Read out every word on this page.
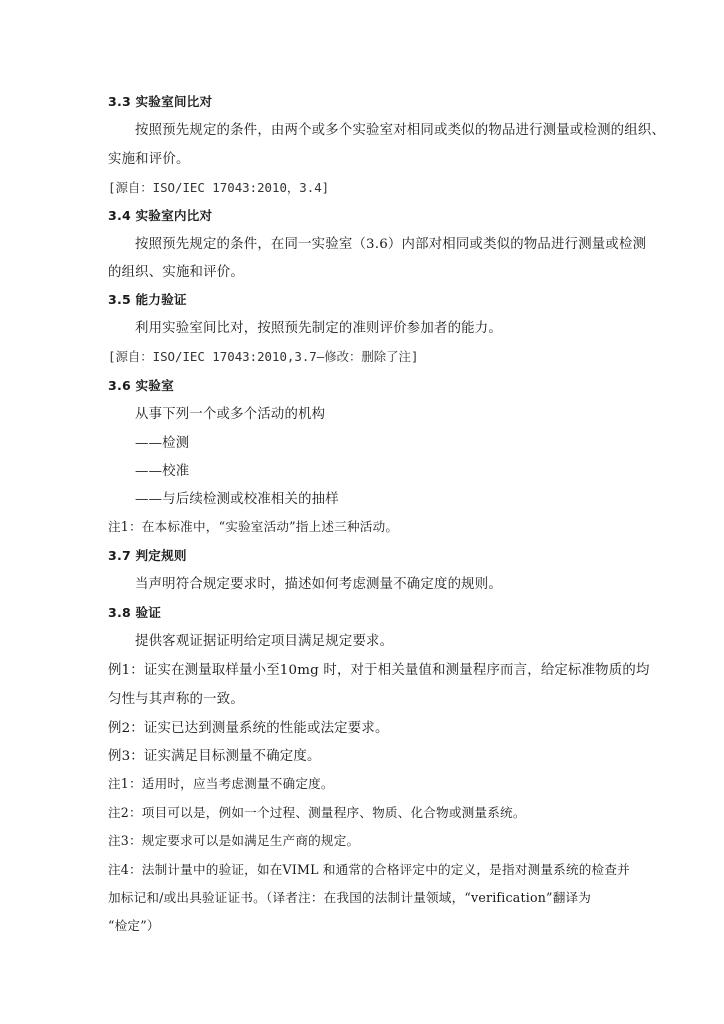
3.3 实验室间比对
按照预先规定的条件，由两个或多个实验室对相同或类似的物品进行测量或检测的组织、
实施和评价。
[源自：ISO/IEC 17043:2010，3.4]
3.4 实验室内比对
按照预先规定的条件，在同一实验室（3.6）内部对相同或类似的物品进行测量或检测
的组织、实施和评价。
3.5 能力验证
利用实验室间比对，按照预先制定的准则评价参加者的能力。
[源自：ISO/IEC 17043:2010,3.7—修改：删除了注]
3.6 实验室
从事下列一个或多个活动的机构
——检测
——校准
——与后续检测或校准相关的抽样
注1：在本标准中，“实验室活动”指上述三种活动。
3.7 判定规则
当声明符合规定要求时，描述如何考虑测量不确定度的规则。
3.8 验证
提供客观证据证明给定项目满足规定要求。
例1：证实在测量取样量小至10mg 时，对于相关量值和测量程序而言，给定标准物质的均
匀性与其声称的一致。
例2：证实已达到测量系统的性能或法定要求。
例3：证实满足目标测量不确定度。
注1：适用时，应当考虑测量不确定度。
注2：项目可以是，例如一个过程、测量程序、物质、化合物或测量系统。
注3：规定要求可以是如满足生产商的规定。
注4：法制计量中的验证，如在VIML 和通常的合格评定中的定义，是指对测量系统的检查并
加标记和/或出具验证证书。（译者注：在我国的法制计量领域，“verification”翻译为
“检定”）
